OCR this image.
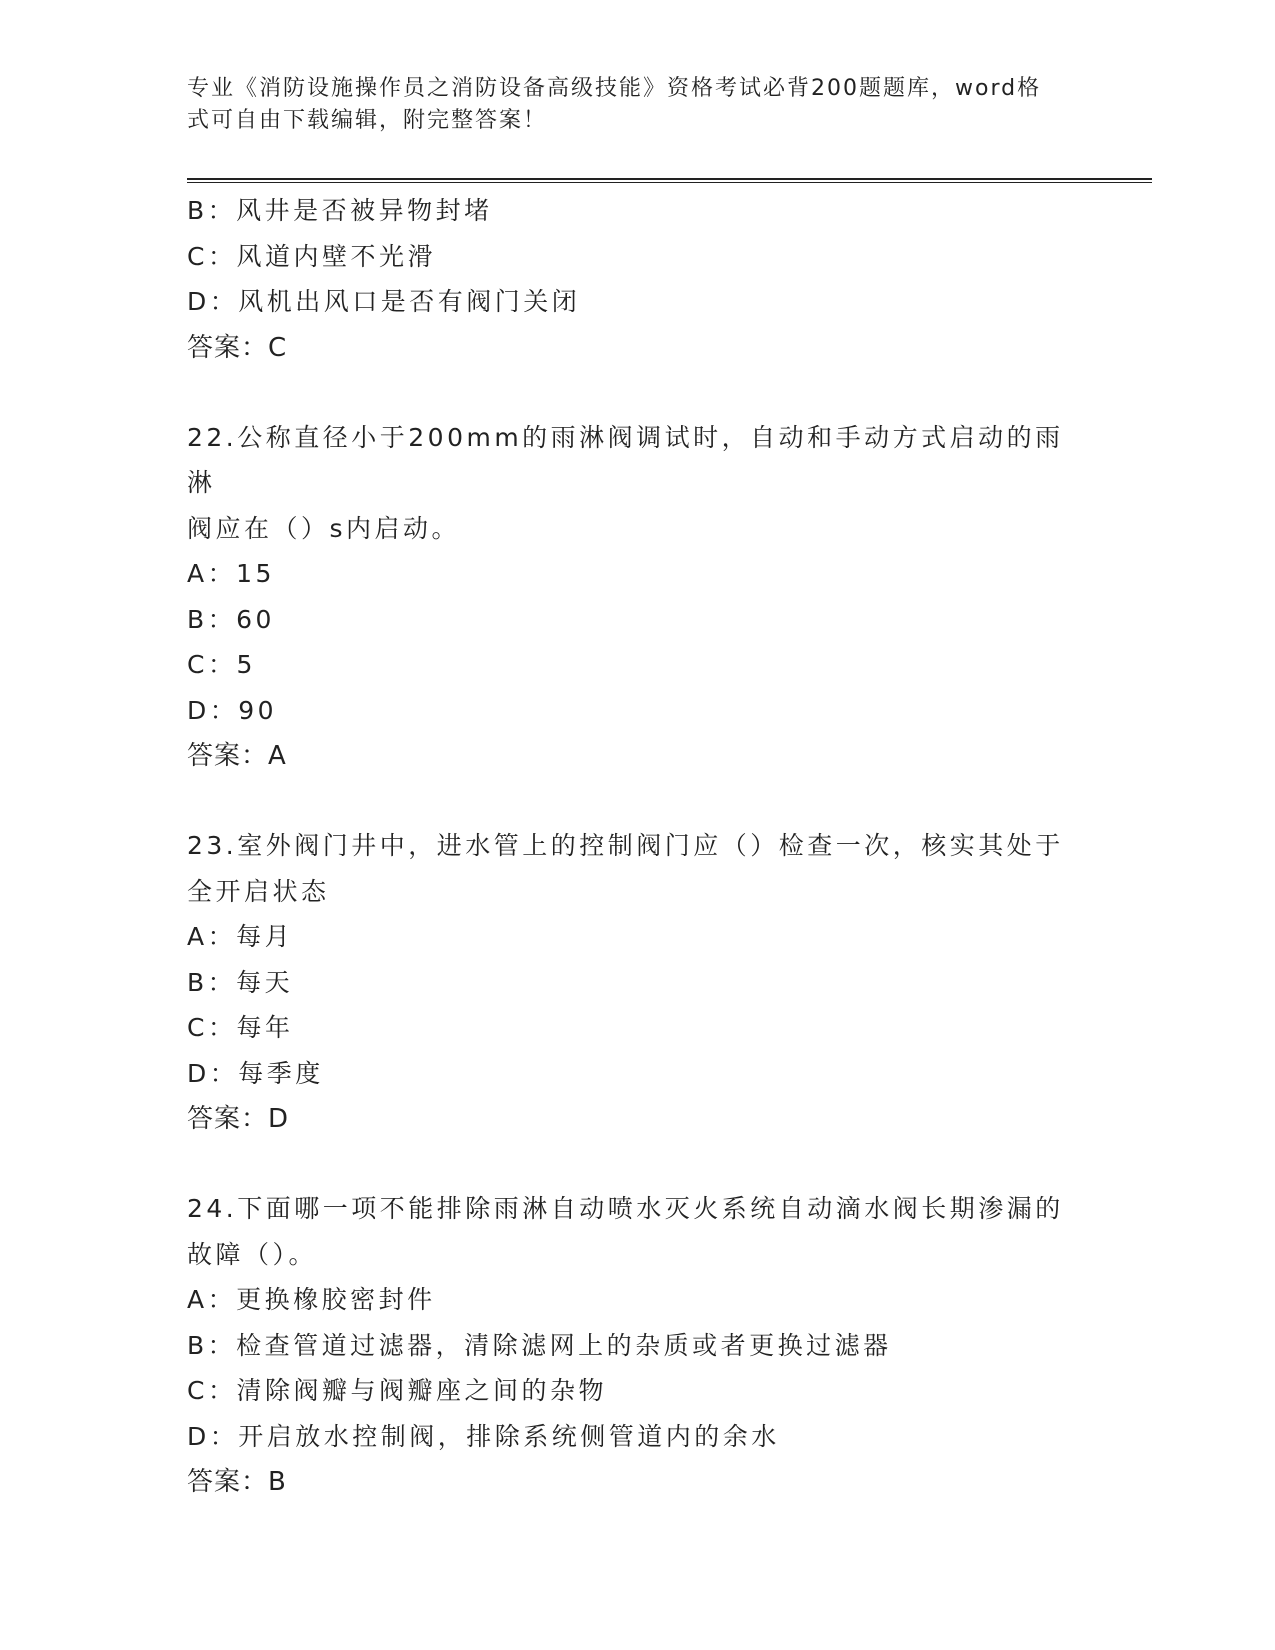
专业《消防设施操作员之消防设备高级技能》资格考试必背200题题库，word格
式可自由下载编辑，附完整答案！

B：风井是否被异物封堵

C：风道内壁不光滑

D：风机出风口是否有阀门关闭

答案：C

22.公称直径小于200mm的雨淋阀调试时，自动和手动方式启动的雨淋

阀应在（）s内启动。

A：15

B：60

C：5

D：90

答案：A

23.室外阀门井中，进水管上的控制阀门应（）检查一次，核实其处于

全开启状态

A：每月

B：每天

C：每年

D：每季度

答案：D

24.下面哪一项不能排除雨淋自动喷水灭火系统自动滴水阀长期渗漏的

故障（）。

A：更换橡胶密封件

B：检查管道过滤器，清除滤网上的杂质或者更换过滤器

C：清除阀瓣与阀瓣座之间的杂物

D：开启放水控制阀，排除系统侧管道内的余水

答案：B
